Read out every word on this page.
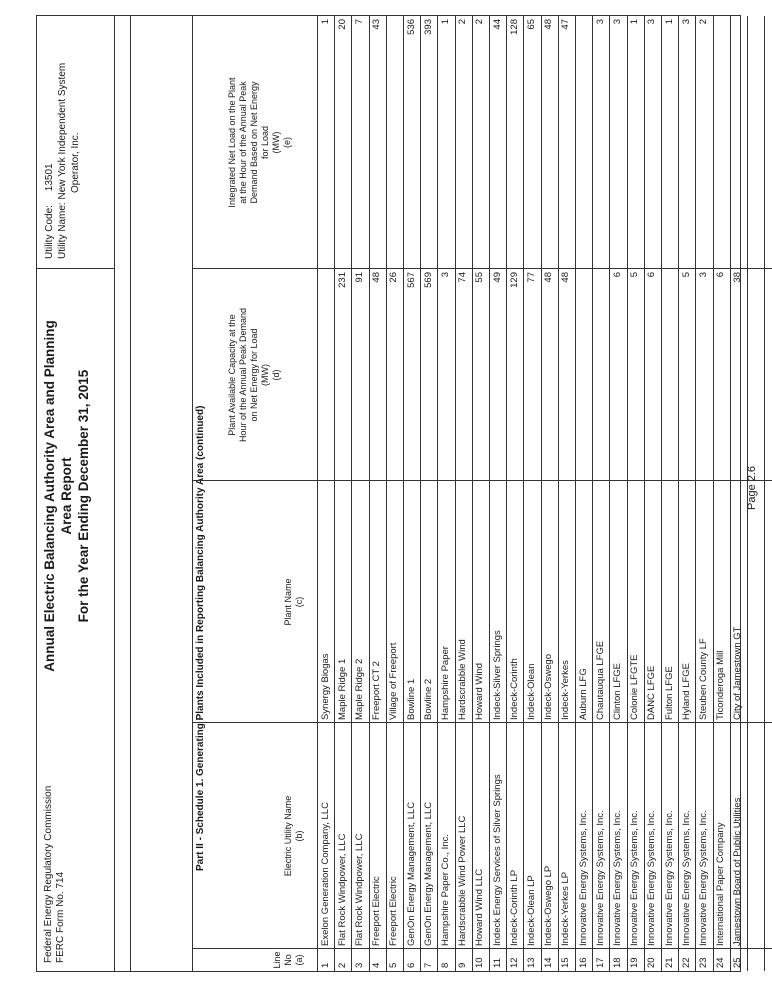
Federal Energy Regulatory Commission FERC Form No. 714
Annual Electric Balancing Authority Area and Planning Area Report For the Year Ending December 31, 2015
Utility Code:     13501
Utility Name: New York Independent System Operator, Inc.
Part II - Schedule 1. Generating Plants Included in Reporting Balancing Authority Area (continued)
Line No (a)
Electric Utility Name (b)
Plant Name (c)
Plant Available Capacity at the Hour of the Annual Peak Demand on Net Energy for Load (MW) (d)
Integrated Net Load on the Plant at the Hour of the Annual Peak Demand Based on Net Energy for Load (MW) (e)
1
Exelon Generation Company, LLC
Synergy Biogas
1
2
Flat Rock Windpower, LLC
Maple Ridge 1
231
20
3
Flat Rock Windpower, LLC
Maple Ridge 2
91
7
4
Freeport Electric
Freeport CT 2
48
43
5
Freeport Electric
Village of Freeport
26
6
GenOn Energy Management, LLC
Bowline 1
567
536
7
GenOn Energy Management, LLC
Bowline 2
569
393
8
Hampshire Paper Co., Inc.
Hampshire Paper
3
1
9
Hardscrabble Wind Power LLC
Hardscrabble Wind
74
2
10
Howard Wind LLC
Howard Wind
55
2
11
Indeck Energy Services of Silver Springs
Indeck-Silver Springs
49
44
12
Indeck-Corinth LP
Indeck-Corinth
129
128
13
Indeck-Olean LP
Indeck-Olean
77
65
14
Indeck-Oswego LP
Indeck-Oswego
48
48
15
Indeck-Yerkes LP
Indeck-Yerkes
48
47
16
Innovative Energy Systems, Inc.
Auburn LFG
17
Innovative Energy Systems, Inc.
Chautauqua LFGE
3
18
Innovative Energy Systems, Inc.
Clinton LFGE
6
3
19
Innovative Energy Systems, Inc.
Colonie LFGTE
5
1
20
Innovative Energy Systems, Inc.
DANC LFGE
6
3
21
Innovative Energy Systems, Inc.
Fulton LFGE
1
22
Innovative Energy Systems, Inc.
Hyland LFGE
5
3
23
Innovative Energy Systems, Inc.
Steuben County LF
3
2
24
International Paper Company
Ticonderoga Mill
6
25
Jamestown Board of Public Utilities
City of Jamestown GT
38
Page 2.6
